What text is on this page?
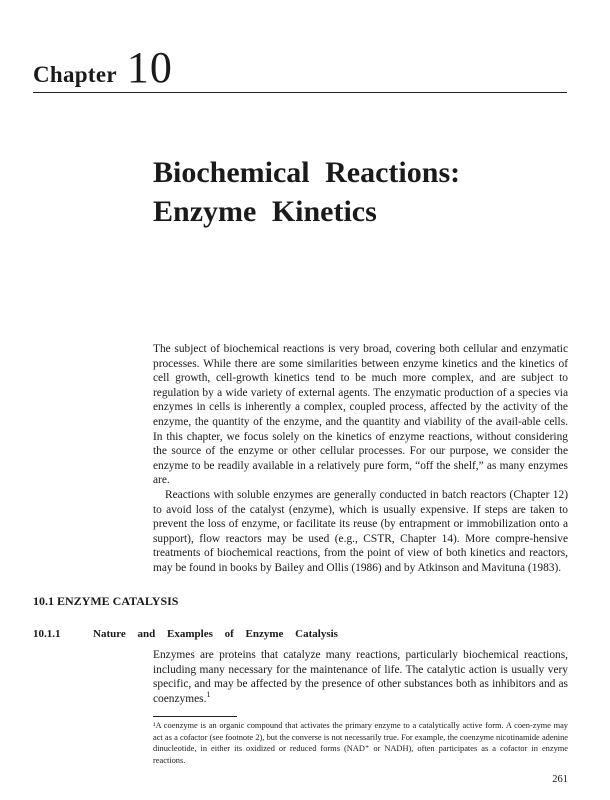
Chapter 10
Biochemical Reactions:
Enzyme Kinetics

The subject of biochemical reactions is very broad, covering both cellular and enzymatic processes. While there are some similarities between enzyme kinetics and the kinetics of cell growth, cell-growth kinetics tend to be much more complex, and are subject to regulation by a wide variety of external agents. The enzymatic production of a species via enzymes in cells is inherently a complex, coupled process, affected by the activity of the enzyme, the quantity of the enzyme, and the quantity and viability of the avail-able cells. In this chapter, we focus solely on the kinetics of enzyme reactions, without considering the source of the enzyme or other cellular processes. For our purpose, we consider the enzyme to be readily available in a relatively pure form, “off the shelf,” as many enzymes are.

Reactions with soluble enzymes are generally conducted in batch reactors (Chapter 12) to avoid loss of the catalyst (enzyme), which is usually expensive. If steps are taken to prevent the loss of enzyme, or facilitate its reuse (by entrapment or immobilization onto a support), flow reactors may be used (e.g., CSTR, Chapter 14). More compre-hensive treatments of biochemical reactions, from the point of view of both kinetics and reactors, may be found in books by Bailey and Ollis (1986) and by Atkinson and Mavituna (1983).

10.1 ENZYME CATALYSIS
10.1.1	Nature and Examples of Enzyme Catalysis

Enzymes are proteins that catalyze many reactions, particularly biochemical reactions, including many necessary for the maintenance of life. The catalytic action is usually very specific, and may be affected by the presence of other substances both as inhibitors and as coenzymes.$^1$

¹A coenzyme is an organic compound that activates the primary enzyme to a catalytically active form. A coen-zyme may act as a cofactor (see footnote 2), but the converse is not necessarily true. For example, the coenzyme nicotinamide adenine dinucleotide, in either its oxidized or reduced forms (NAD⁺ or NADH), often participates as a cofactor in enzyme reactions.

261
